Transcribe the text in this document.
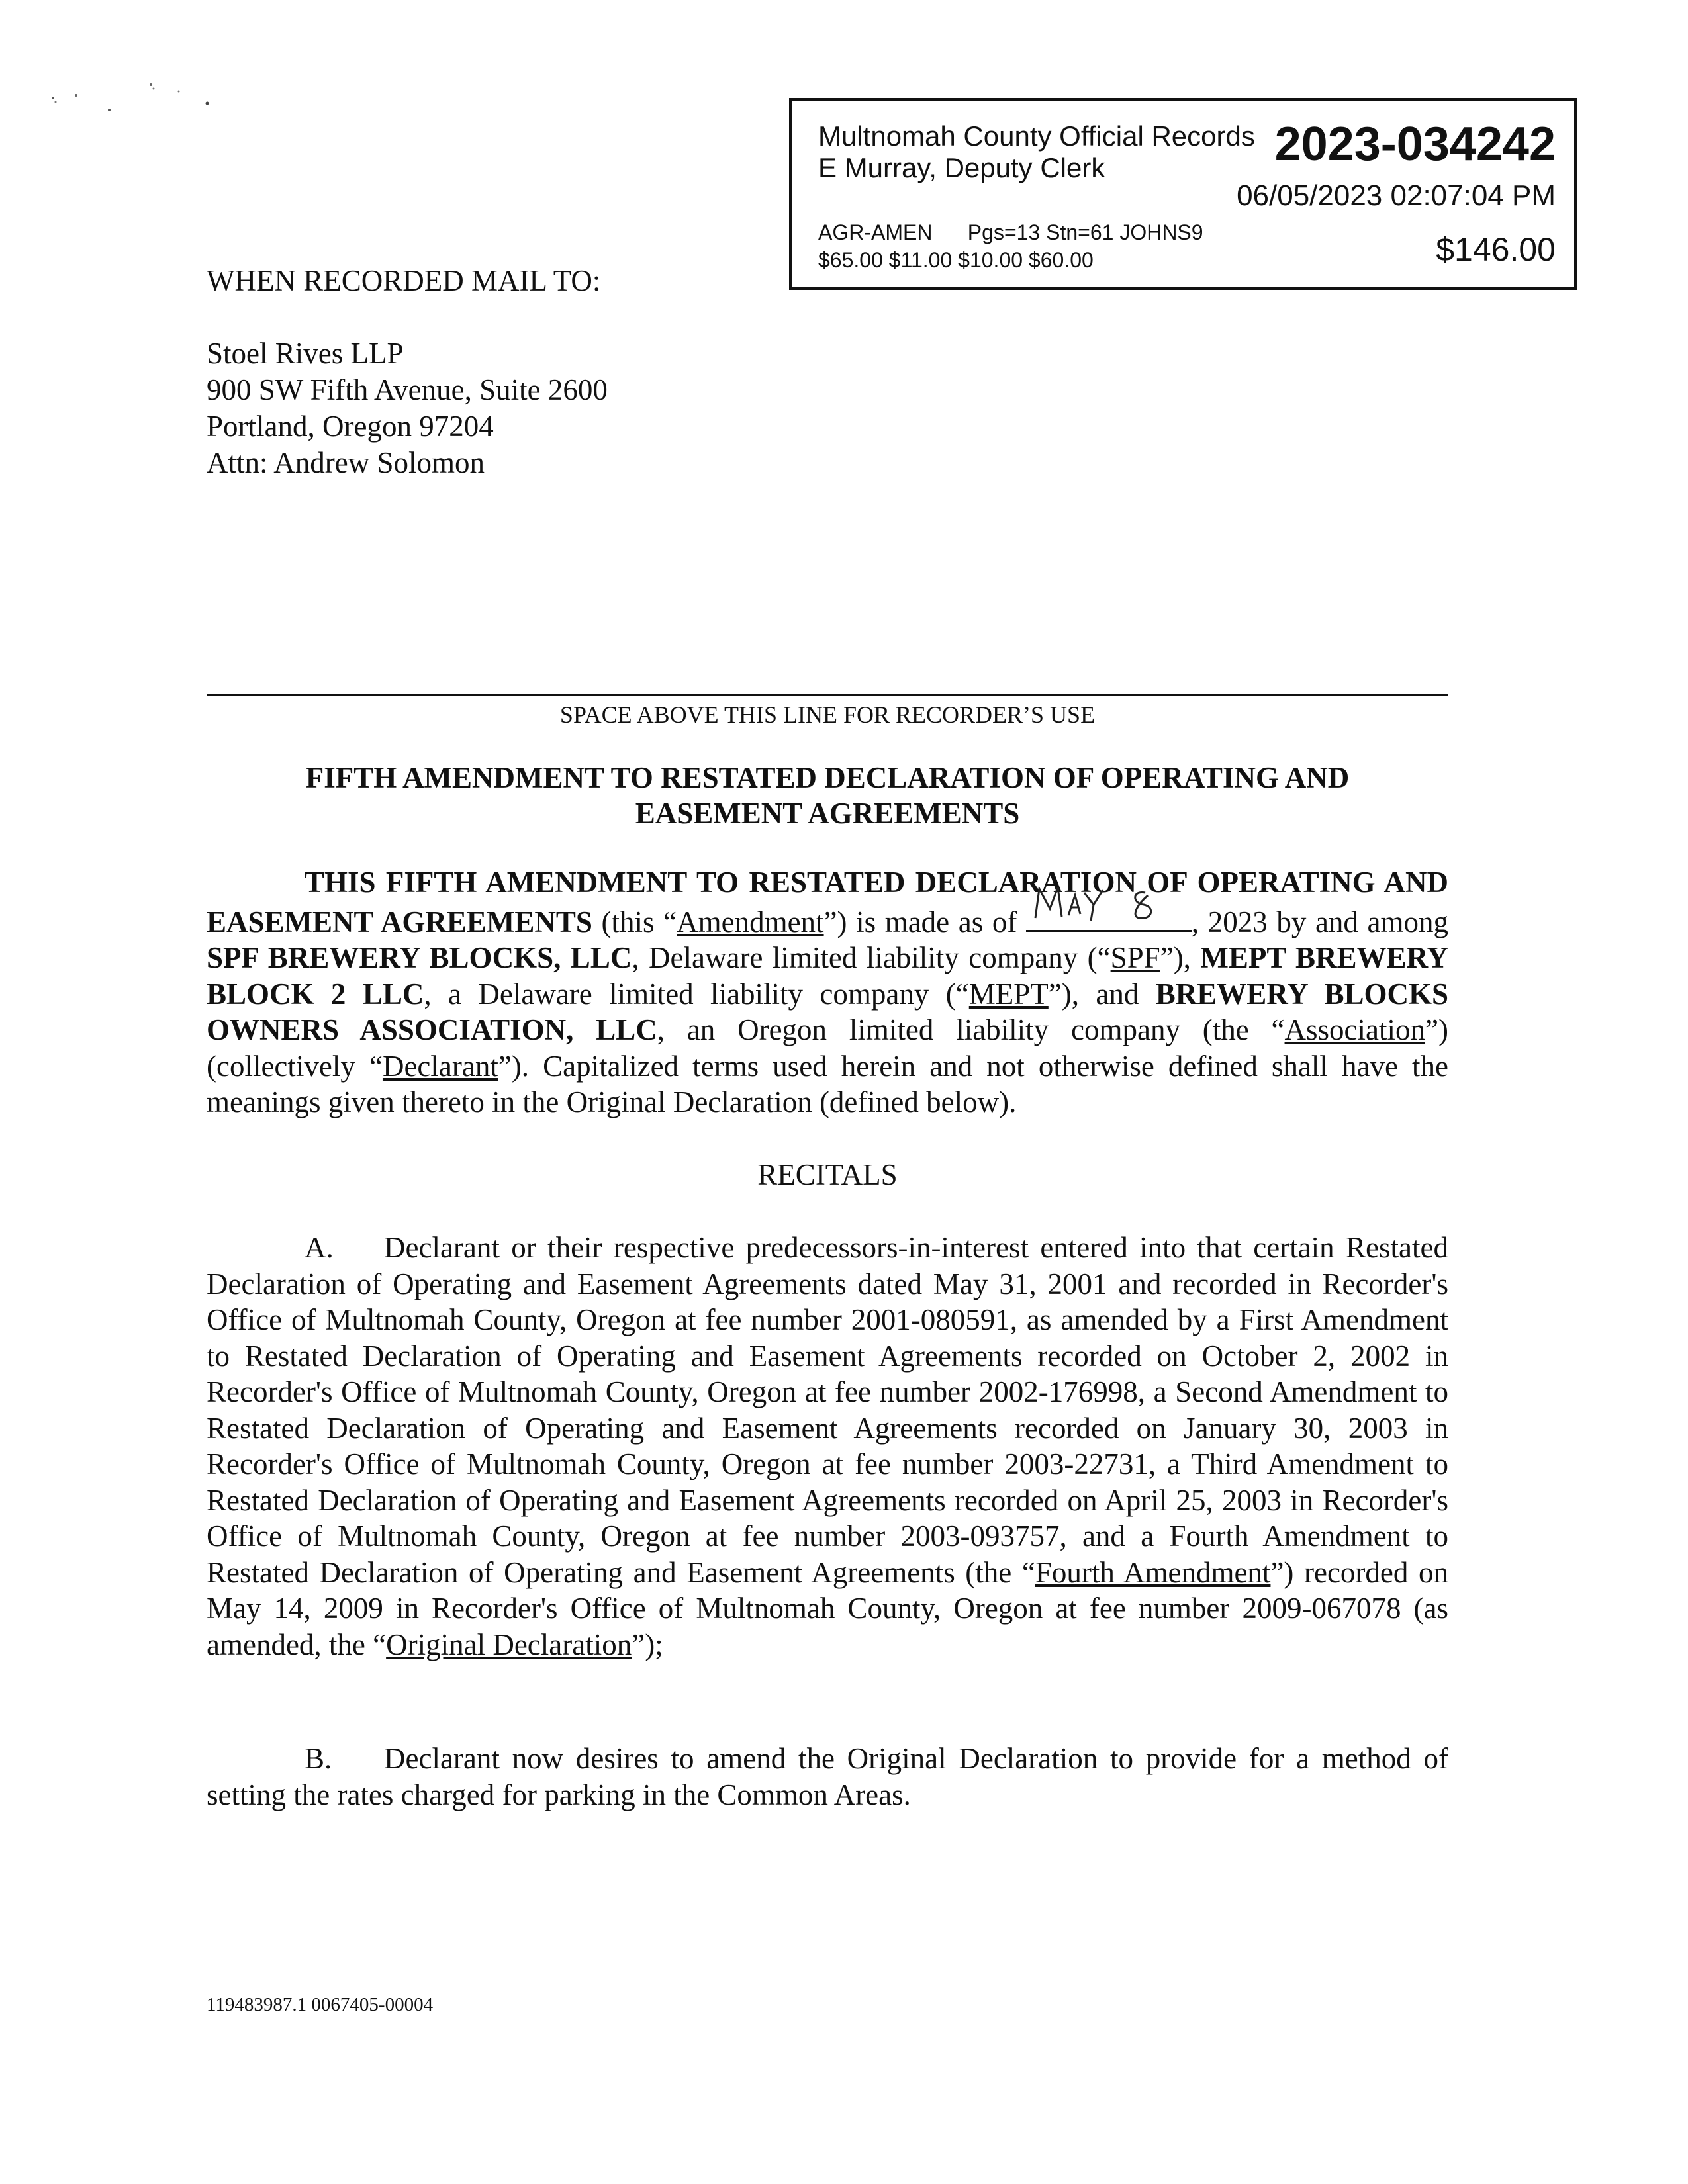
Multnomah County Official Records
E Murray, Deputy Clerk	2023-034242
06/05/2023 02:07:04 PM
AGR-AMEN Pgs=13 Stn=61 JOHNS9
$65.00 $11.00 $10.00 $60.00	$146.00
WHEN RECORDED MAIL TO:
Stoel Rives LLP
900 SW Fifth Avenue, Suite 2600
Portland, Oregon 97204
Attn: Andrew Solomon
SPACE ABOVE THIS LINE FOR RECORDER’S USE
FIFTH AMENDMENT TO RESTATED DECLARATION OF OPERATING AND
EASEMENT AGREEMENTS
THIS FIFTH AMENDMENT TO RESTATED DECLARATION OF OPERATING AND EASEMENT AGREEMENTS (this “Amendment”) is made as of	, 2023 by and among SPF BREWERY BLOCKS, LLC, Delaware limited liability company (“SPF”), MEPT BREWERY BLOCK 2 LLC, a Delaware limited liability company (“MEPT”), and BREWERY BLOCKS OWNERS ASSOCIATION, LLC, an Oregon limited liability company (the “Association”) (collectively “Declarant”). Capitalized terms used herein and not otherwise defined shall have the meanings given thereto in the Original Declaration (defined below).
RECITALS
A. Declarant or their respective predecessors-in-interest entered into that certain Restated Declaration of Operating and Easement Agreements dated May 31, 2001 and recorded in Recorder's Office of Multnomah County, Oregon at fee number 2001-080591, as amended by a First Amendment to Restated Declaration of Operating and Easement Agreements recorded on October 2, 2002 in Recorder's Office of Multnomah County, Oregon at fee number 2002-176998, a Second Amendment to Restated Declaration of Operating and Easement Agreements recorded on January 30, 2003 in Recorder's Office of Multnomah County, Oregon at fee number 2003-22731, a Third Amendment to Restated Declaration of Operating and Easement Agreements recorded on April 25, 2003 in Recorder's Office of Multnomah County, Oregon at fee number 2003-093757, and a Fourth Amendment to Restated Declaration of Operating and Easement Agreements (the “Fourth Amendment”) recorded on May 14, 2009 in Recorder's Office of Multnomah County, Oregon at fee number 2009-067078 (as amended, the “Original Declaration”);
B. Declarant now desires to amend the Original Declaration to provide for a method of setting the rates charged for parking in the Common Areas.
119483987.1 0067405-00004
